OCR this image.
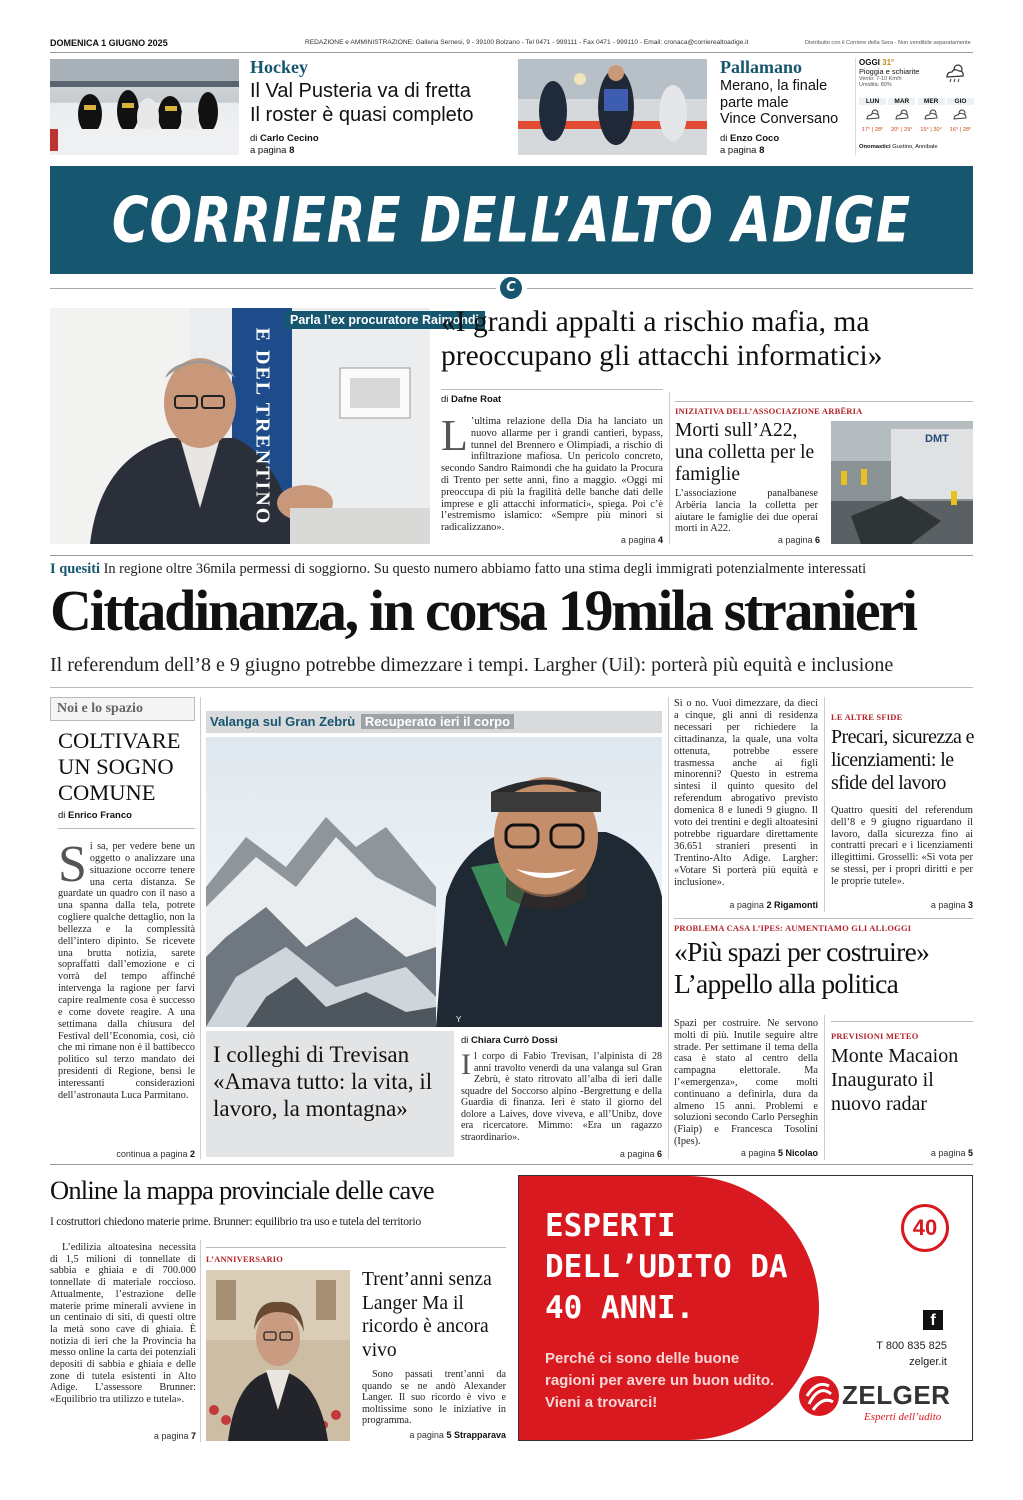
DOMENICA 1 GIUGNO 2025	REDAZIONE e AMMINISTRAZIONE: Galleria Sernesi, 9 - 39100 Bolzano - Tel 0471 - 999111 - Fax 0471 - 999110 - Email: cronaca@corrierealtoadige.it	Distribuito con il Corriere della Sera - Non vendibile separatamente
Hockey
Il Val Pusteria va di fretta
Il roster è quasi completo
di Carlo Cecino
a pagina 8
Pallamano
Merano, la finale
parte male
Vince Conversano
di Enzo Coco
a pagina 8
OGGI 31°
Pioggia e schiarite
Vento: 7-10 Km/h
Umidità: 80%
LUN
17° | 28°
MAR
20° | 29°
MER
19° | 30°
GIO
16° | 28°
Onomastici Gustino, Annibale
CORRIERE DELL’ALTO ADIGE
C
E DEL TRENTINO
Parla l’ex procuratore Raimondi
«I grandi appalti a rischio mafia, ma preoccupano gli attacchi informatici»
di Dafne Roat
L ’ultima relazione della Dia ha lanciato un nuovo allarme per i grandi cantieri, bypass, tunnel del Brennero e Olimpiadi, a rischio di infiltrazione mafiosa. Un pericolo concreto, secondo Sandro Raimondi che ha guidato la Procura di Trento per sette anni, fino a maggio. «Oggi mi preoccupa di più la fragilità delle banche dati delle imprese e gli attacchi informatici», spiega. Poi c’è l’estremismo islamico: «Sempre più minori si radicalizzano».
a pagina 4
INIZIATIVA DELL’ASSOCIAZIONE ARBËRIA
Morti sull’A22, una colletta per le famiglie
L’associazione panalbanese Arbëria lancia la colletta per aiutare le famiglie dei due operai morti in A22.
DMT
a pagina 6
I quesiti In regione oltre 36mila permessi di soggiorno. Su questo numero abbiamo fatto una stima degli immigrati potenzialmente interessati
Cittadinanza, in corsa 19mila stranieri
Il referendum dell’8 e 9 giugno potrebbe dimezzare i tempi. Largher (Uil): porterà più equità e inclusione
Noi e lo spazio
COLTIVARE UN SOGNO COMUNE
di Enrico Franco
Si sa, per vedere bene un oggetto o analizzare una situazione occorre tenere una certa distanza. Se guardate un quadro con il naso a una spanna dalla tela, potrete cogliere qualche dettaglio, non la bellezza e la complessità dell’intero dipinto. Se ricevete una brutta notizia, sarete sopraffatti dall’emozione e ci vorrà del tempo affinché intervenga la ragione per farvi capire realmente cosa è successo e come dovete reagire. A una settimana dalla chiusura del Festival dell’Economia, così, ciò che mi rimane non è il battibecco politico sul terzo mandato dei presidenti di Regione, bensì le interessanti considerazioni dell’astronauta Luca Parmitano.
continua a pagina 2
Valanga sul Gran Zebrù Recuperato ieri il corpo
Y
I colleghi di Trevisan «Amava tutto: la vita, il lavoro, la montagna»
di Chiara Currò Dossi
Il corpo di Fabio Trevisan, l’alpinista di 28 anni travolto venerdì da una valanga sul Gran Zebrù, è stato ritrovato all’alba di ieri dalle squadre del Soccorso alpino -Bergrettung e della Guardia di finanza. Ieri è stato il giorno del dolore a Laives, dove viveva, e all’Unibz, dove era ricercatore. Mimmo: «Era un ragazzo straordinario».
a pagina 6
Sì o no. Vuoi dimezzare, da dieci a cinque, gli anni di residenza necessari per richiedere la cittadinanza, la quale, una volta ottenuta, potrebbe essere trasmessa anche ai figli minorenni? Questo in estrema sintesi il quinto quesito del referendum abrogativo previsto domenica 8 e lunedì 9 giugno. Il voto dei trentini e degli altoatesini potrebbe riguardare direttamente 36.651 stranieri presenti in Trentino-Alto Adige. Largher: «Votare Sì porterà più equità e inclusione».
a pagina 2 Rigamonti
LE ALTRE SFIDE
Precari, sicurezza e licenziamenti: le sfide del lavoro
Quattro quesiti del referendum dell’8 e 9 giugno riguardano il lavoro, dalla sicurezza fino ai contratti precari e i licenziamenti illegittimi. Grosselli: «Sì vota per se stessi, per i propri diritti e per le proprie tutele».
a pagina 3
PROBLEMA CASA L’IPES: AUMENTIAMO GLI ALLOGGI
«Più spazi per costruire» L’appello alla politica
Spazi per costruire. Ne servono molti di più. Inutile seguire altre strade. Per settimane il tema della casa è stato al centro della campagna elettorale. Ma l’«emergenza», come molti continuano a definirla, dura da almeno 15 anni. Problemi e soluzioni secondo Carlo Perseghin (Fiaip) e Francesca Tosolini (Ipes).
a pagina 5 Nicolao
PREVISIONI METEO
Monte Macaion Inaugurato il nuovo radar
a pagina 5
Online la mappa provinciale delle cave
I costruttori chiedono materie prime. Brunner: equilibrio tra uso e tutela del territorio
L’edilizia altoatesina necessita di 1,5 milioni di tonnellate di sabbia e ghiaia e di 700.000 tonnellate di materiale roccioso. Attualmente, l’estrazione delle materie prime minerali avviene in un centinaio di siti, di questi oltre la metà sono cave di ghiaia. È notizia di ieri che la Provincia ha messo online la carta dei potenziali depositi di sabbia e ghiaia e delle zone di tutela esistenti in Alto Adige. L’assessore Brunner: «Equilibrio tra utilizzo e tutela».
a pagina 7
L’ANNIVERSARIO
Trent’anni senza Langer Ma il ricordo è ancora vivo
Sono passati trent’anni da quando se ne andò Alexander Langer. Il suo ricordo è vivo e moltissime sono le iniziative in programma.
a pagina 5 Strapparava
ESPERTI DELL’UDITO DA 40 ANNI.
Perché ci sono delle buone ragioni per avere un buon udito. Vieni a trovarci!
40
f
T 800 835 825
zelger.it
ZELGER
Esperti dell’udito
